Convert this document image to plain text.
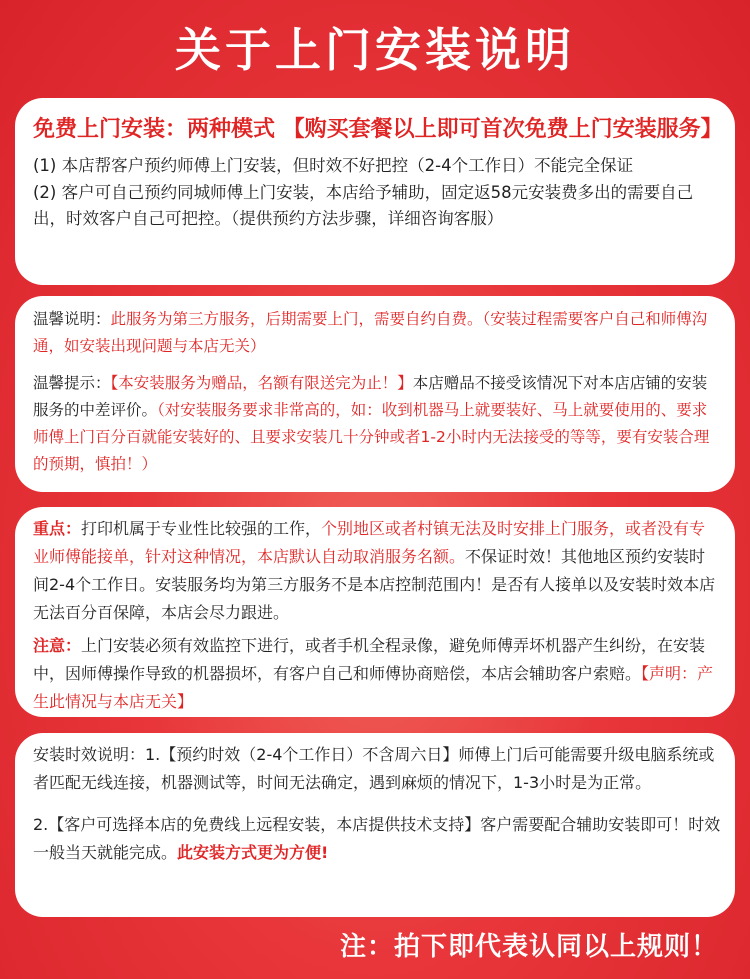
关于上门安装说明

免费上门安装：两种模式 【购买套餐以上即可首次免费上门安装服务】

(1) 本店帮客户预约师傅上门安装，但时效不好把控（2-4个工作日）不能完全保证

(2) 客户可自己预约同城师傅上门安装，本店给予辅助，固定返58元安装费多出的需要自己出，时效客户自己可把控。（提供预约方法步骤，详细咨询客服）

温馨说明：此服务为第三方服务，后期需要上门，需要自约自费。（安装过程需要客户自己和师傅沟通，如安装出现问题与本店无关）

温馨提示：【本安装服务为赠品，名额有限送完为止！】本店赠品不接受该情况下对本店店铺的安装服务的中差评价。（对安装服务要求非常高的，如：收到机器马上就要装好、马上就要使用的、要求师傅上门百分百就能安装好的、且要求安装几十分钟或者1-2小时内无法接受的等等，要有安装合理的预期，慎拍！）

重点：打印机属于专业性比较强的工作，个别地区或者村镇无法及时安排上门服务，或者没有专业师傅能接单，针对这种情况，本店默认自动取消服务名额。不保证时效！其他地区预约安装时间2-4个工作日。安装服务均为第三方服务不是本店控制范围内！是否有人接单以及安装时效本店无法百分百保障，本店会尽力跟进。

注意：上门安装必须有效监控下进行，或者手机全程录像，避免师傅弄坏机器产生纠纷，在安装中，因师傅操作导致的机器损坏，有客户自己和师傅协商赔偿，本店会辅助客户索赔。【声明：产生此情况与本店无关】

安装时效说明：1.【预约时效（2-4个工作日）不含周六日】师傅上门后可能需要升级电脑系统或者匹配无线连接，机器测试等，时间无法确定，遇到麻烦的情况下，1-3小时是为正常。

2.【客户可选择本店的免费线上远程安装，本店提供技术支持】客户需要配合辅助安装即可！时效一般当天就能完成。此安装方式更为方便!

注：拍下即代表认同以上规则！
